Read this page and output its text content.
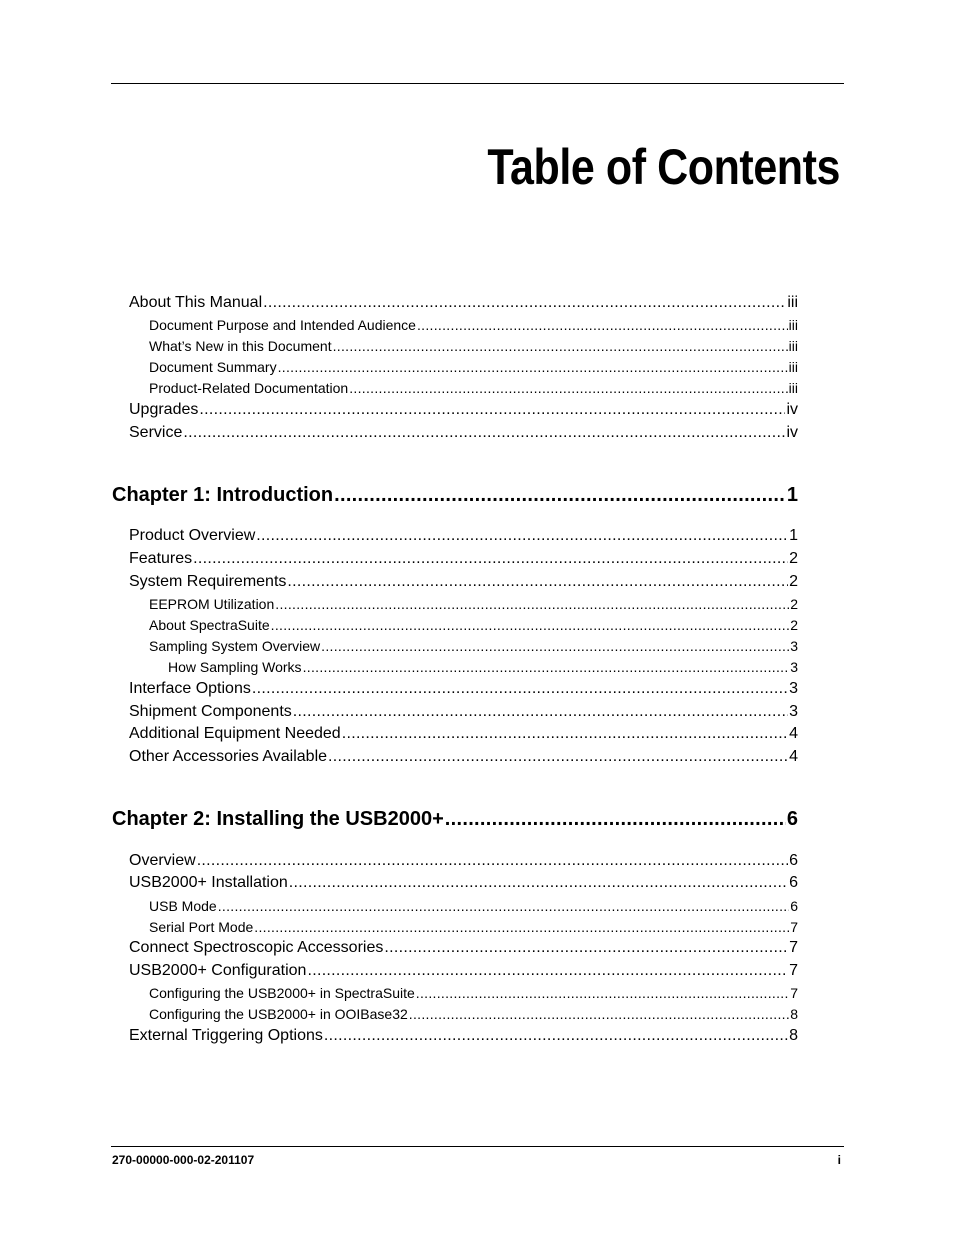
Table of Contents
About This Manual .....	iii
Document Purpose and Intended Audience .....	iii
What’s New in this Document .....	iii
Document Summary .....	iii
Product-Related Documentation .....	iii
Upgrades .....	iv
Service .....	iv
Chapter 1: Introduction .....	1
Product Overview .....	1
Features .....	2
System Requirements .....	2
EEPROM Utilization .....	2
About SpectraSuite .....	2
Sampling System Overview .....	3
How Sampling Works .....	3
Interface Options .....	3
Shipment Components .....	3
Additional Equipment Needed .....	4
Other Accessories Available .....	4
Chapter 2: Installing the USB2000+ .....	6
Overview .....	6
USB2000+ Installation .....	6
USB Mode .....	6
Serial Port Mode .....	7
Connect Spectroscopic Accessories .....	7
USB2000+ Configuration .....	7
Configuring the USB2000+ in SpectraSuite .....	7
Configuring the USB2000+ in OOIBase32 .....	8
External Triggering Options .....	8
270-00000-000-02-201107	i
